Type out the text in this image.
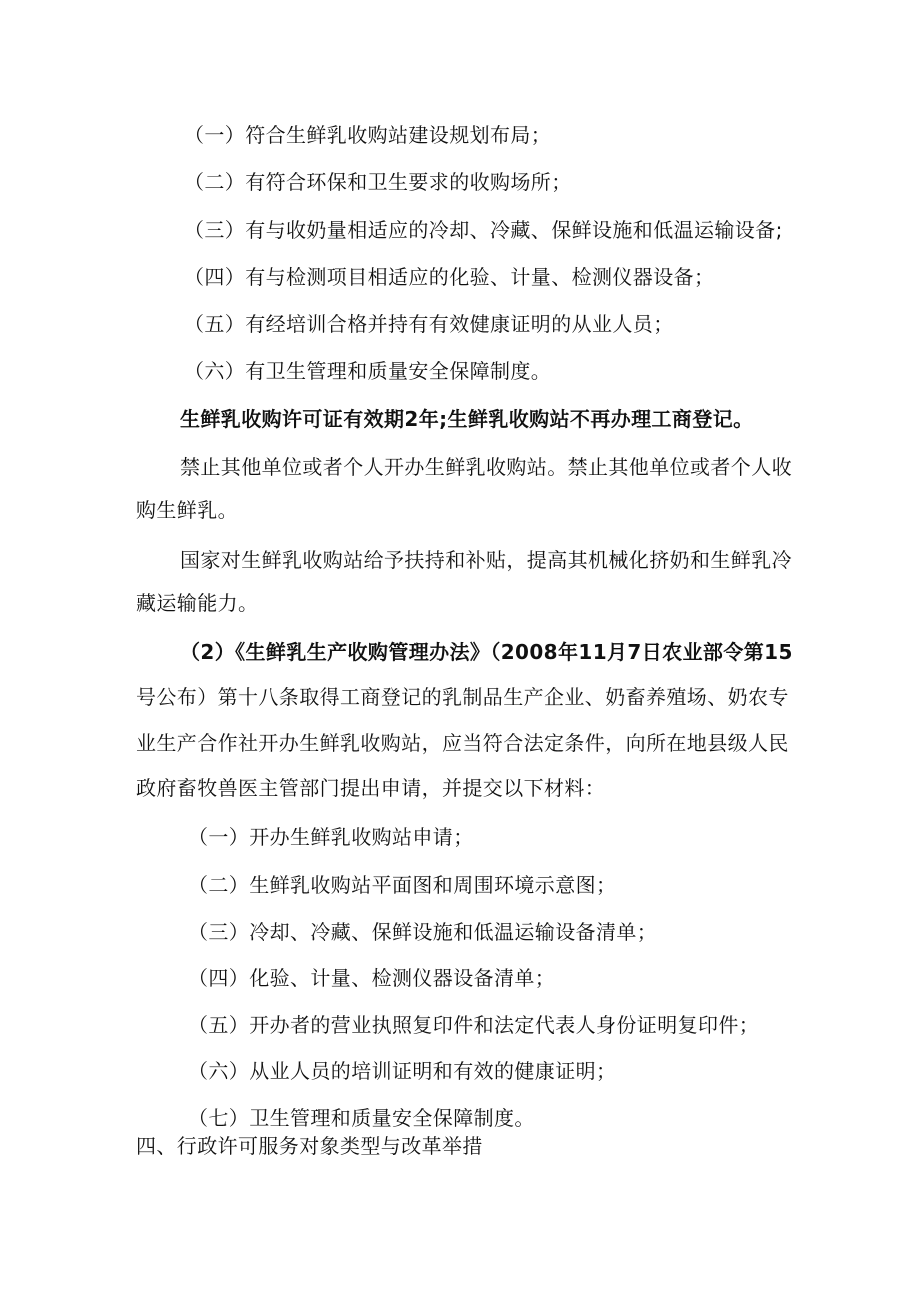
（一）符合生鲜乳收购站建设规划布局；
（二）有符合环保和卫生要求的收购场所；
（三）有与收奶量相适应的冷却、冷藏、保鲜设施和低温运输设备;
（四）有与检测项目相适应的化验、计量、检测仪器设备；
（五）有经培训合格并持有有效健康证明的从业人员；
（六）有卫生管理和质量安全保障制度。
生鲜乳收购许可证有效期2年;生鲜乳收购站不再办理工商登记。
禁止其他单位或者个人开办生鲜乳收购站。禁止其他单位或者个人收
购生鲜乳。
国家对生鲜乳收购站给予扶持和补贴，提高其机械化挤奶和生鲜乳冷
藏运输能力。
（2）《生鲜乳生产收购管理办法》（2008年11月7日农业部令第15
号公布）第十八条取得工商登记的乳制品生产企业、奶畜养殖场、奶农专
业生产合作社开办生鲜乳收购站，应当符合法定条件，向所在地县级人民
政府畜牧兽医主管部门提出申请，并提交以下材料：
（一）开办生鲜乳收购站申请；
（二）生鲜乳收购站平面图和周围环境示意图；
（三）冷却、冷藏、保鲜设施和低温运输设备清单；
（四）化验、计量、检测仪器设备清单；
（五）开办者的营业执照复印件和法定代表人身份证明复印件；
（六）从业人员的培训证明和有效的健康证明；
（七）卫生管理和质量安全保障制度。
四、行政许可服务对象类型与改革举措
